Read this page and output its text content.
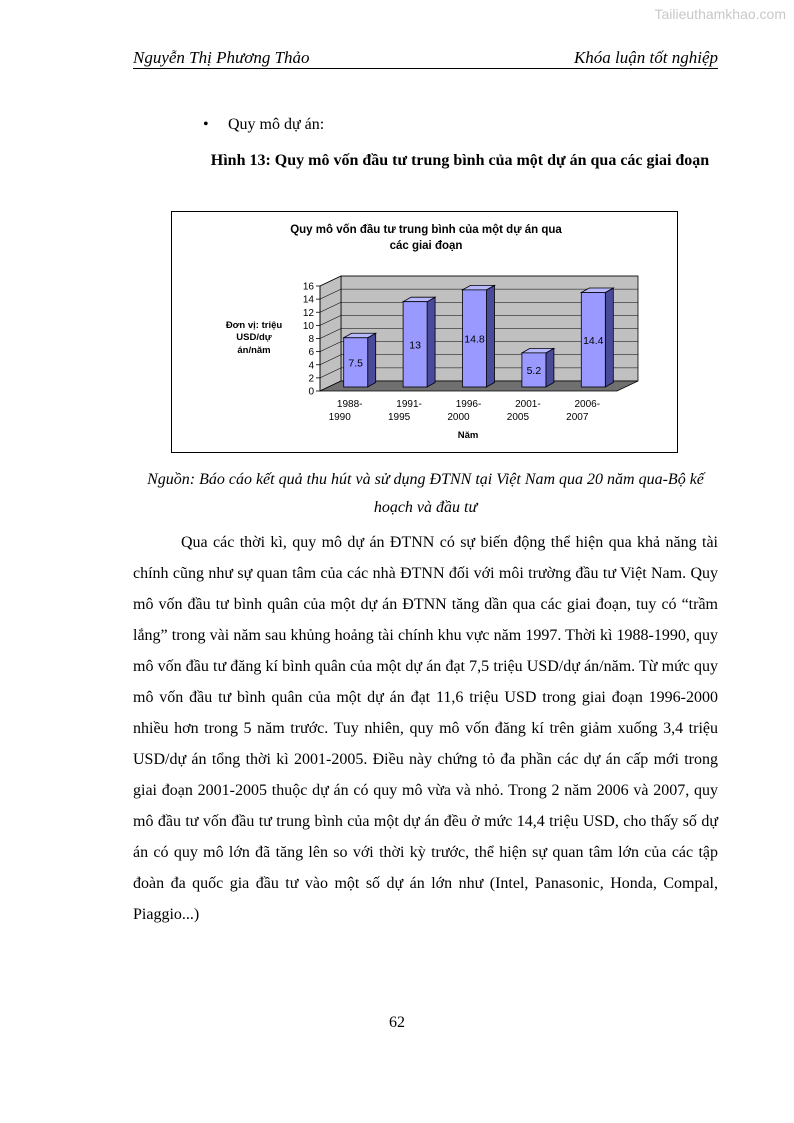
Tailieuthamkhao.com
Nguyễn Thị Phương Thảo	Khóa luận tốt nghiệp
• Quy mô dự án:
Hình 13: Quy mô vốn đầu tư trung bình của một dự án qua các giai đoạn
Quy mô vốn đầu tư trung bình của một dự án qua
các giai đoạn
Đơn vị: triệu
USD/dự
án/năm
Năm
0
2
4
6
8
10
12
14
16
7.5
1988-
1990
13
1991-
1995
14.8
1996-
2000
5.2
2001-
2005
14.4
2006-
2007
Nguồn: Báo cáo kết quả thu hút và sử dụng ĐTNN tại Việt Nam qua 20 năm qua-Bộ kế hoạch và đầu tư

Qua các thời kì, quy mô dự án ĐTNN có sự biến động thể hiện qua khả năng tài chính cũng như sự quan tâm của các nhà ĐTNN đối với môi trường đầu tư Việt Nam. Quy mô vốn đầu tư bình quân của một dự án ĐTNN tăng dần qua các giai đoạn, tuy có “trầm lắng” trong vài năm sau khủng hoảng tài chính khu vực năm 1997. Thời kì 1988-1990, quy mô vốn đầu tư đăng kí bình quân của một dự án đạt 7,5 triệu USD/dự án/năm. Từ mức quy mô vốn đầu tư bình quân của một dự án đạt 11,6 triệu USD trong giai đoạn 1996-2000 nhiều hơn trong 5 năm trước. Tuy nhiên, quy mô vốn đăng kí trên giảm xuống 3,4 triệu USD/dự án tổng thời kì 2001-2005. Điều này chứng tỏ đa phần các dự án cấp mới trong giai đoạn 2001-2005 thuộc dự án có quy mô vừa và nhỏ. Trong 2 năm 2006 và 2007, quy mô đầu tư vốn đầu tư trung bình của một dự án đều ở mức 14,4 triệu USD, cho thấy số dự án có quy mô lớn đã tăng lên so với thời kỳ trước, thể hiện sự quan tâm lớn của các tập đoàn đa quốc gia đầu tư vào một số dự án lớn như (Intel, Panasonic, Honda, Compal, Piaggio...)

62
